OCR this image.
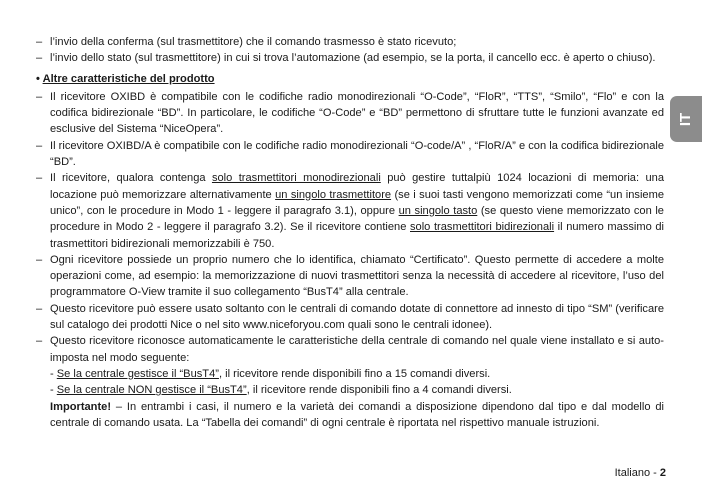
– l’invio della conferma (sul trasmettitore) che il comando trasmesso è stato ricevuto;
– l’invio dello stato (sul trasmettitore) in cui si trova l’automazione (ad esempio, se la porta, il cancello ecc. è aperto o chiuso).
• Altre caratteristiche del prodotto
– Il ricevitore OXIBD è compatibile con le codifiche radio monodirezionali “O-Code”, “FloR”, “TTS”, “Smilo”, “Flo” e con la codifica bidirezionale “BD”. In particolare, le codifiche “O-Code” e “BD” permettono di sfruttare tutte le funzioni avanzate ed esclusive del Sistema “NiceOpera”.
– Il ricevitore OXIBD/A è compatibile con le codifiche radio monodirezionali “O-code/A” , “FloR/A” e con la codifica bidirezionale “BD”.
– Il ricevitore, qualora contenga solo trasmettitori monodirezionali può gestire tuttalpiù 1024 locazioni di memoria: una locazione può memorizzare alternativamente un singolo trasmettitore (se i suoi tasti vengono memorizzati come “un insieme unico”, con le procedure in Modo 1 - leggere il paragrafo 3.1), oppure un singolo tasto (se questo viene memorizzato con le procedure in Modo 2 - leggere il paragrafo 3.2). Se il ricevitore contiene solo trasmettitori bidirezionali il numero massimo di trasmettitori bidirezionali memorizzabili è 750.
– Ogni ricevitore possiede un proprio numero che lo identifica, chiamato “Certificato”. Questo permette di accedere a molte operazioni come, ad esempio: la memorizzazione di nuovi trasmettitori senza la necessità di accedere al ricevitore, l’uso del programmatore O-View tramite il suo collegamento “BusT4” alla centrale.
– Questo ricevitore può essere usato soltanto con le centrali di comando dotate di connettore ad innesto di tipo “SM” (verificare sul catalogo dei prodotti Nice o nel sito www.niceforyou.com quali sono le centrali idonee).
– Questo ricevitore riconosce automaticamente le caratteristiche della centrale di comando nel quale viene installato e si auto-imposta nel modo seguente:
- Se la centrale gestisce il “BusT4”, il ricevitore rende disponibili fino a 15 comandi diversi.
- Se la centrale NON gestisce il “BusT4”, il ricevitore rende disponibili fino a 4 comandi diversi.
Importante! – In entrambi i casi, il numero e la varietà dei comandi a disposizione dipendono dal tipo e dal modello di centrale di comando usata. La “Tabella dei comandi” di ogni centrale è riportata nel rispettivo manuale istruzioni.
IT
Italiano - 2
